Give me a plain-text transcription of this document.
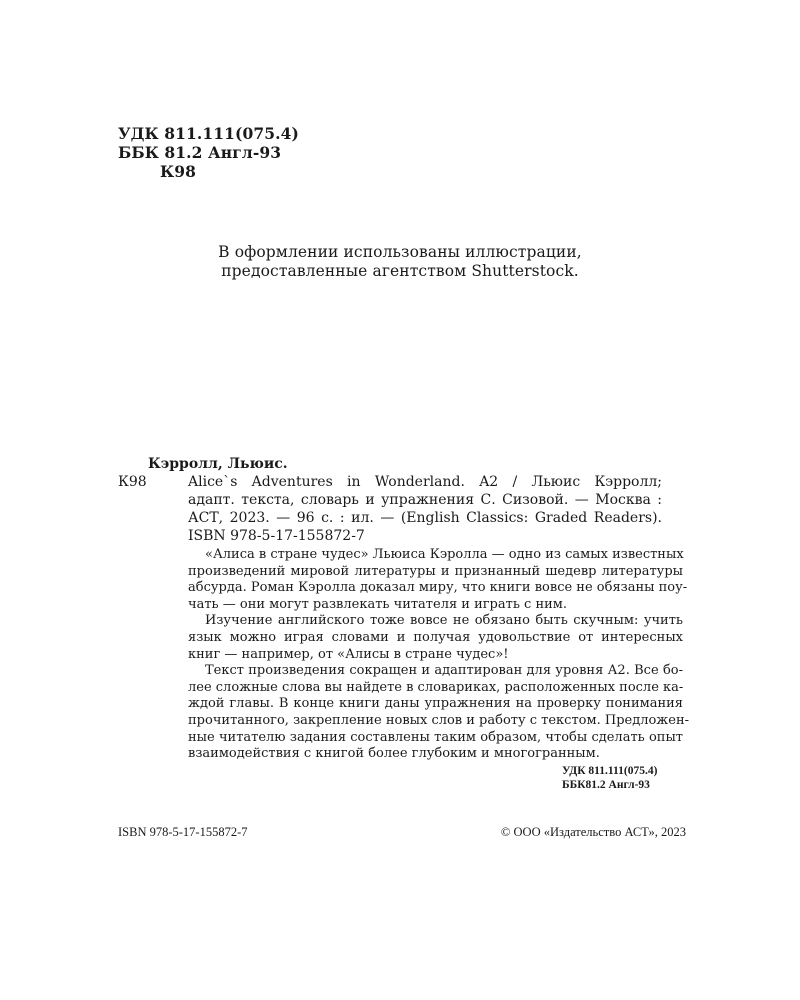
УДК 811.111(075.4)
ББК 81.2 Англ-93
К98
В оформлении использованы иллюстрации,
предоставленные агентством Shutterstock.
Кэрролл, Льюис.
К98	Alice`s Adventures in Wonderland. A2 / Льюис Кэрролл;
адапт. текста, словарь и упражнения С. Сизовой. — Москва :
АСТ, 2023. — 96 с. : ил. — (English Classics: Graded Readers).
ISBN 978-5-17-155872-7
«Алиса в стране чудес» Льюиса Кэролла — одно из самых известных
произведений мировой литературы и признанный шедевр литературы
абсурда. Роман Кэролла доказал миру, что книги вовсе не обязаны поу-
чать — они могут развлекать читателя и играть с ним.
Изучение английского тоже вовсе не обязано быть скучным: учить
язык можно играя словами и получая удовольствие от интересных
книг — например, от «Алисы в стране чудес»!
Текст произведения сокращен и адаптирован для уровня А2. Все бо-
лее сложные слова вы найдете в словариках, расположенных после ка-
ждой главы. В конце книги даны упражнения на проверку понимания
прочитанного, закрепление новых слов и работу с текстом. Предложен-
ные читателю задания составлены таким образом, чтобы сделать опыт
взаимодействия с книгой более глубоким и многогранным.
УДК 811.111(075.4)
ББК81.2 Англ-93
ISBN 978-5-17-155872-7	© ООО «Издательство АСТ», 2023
